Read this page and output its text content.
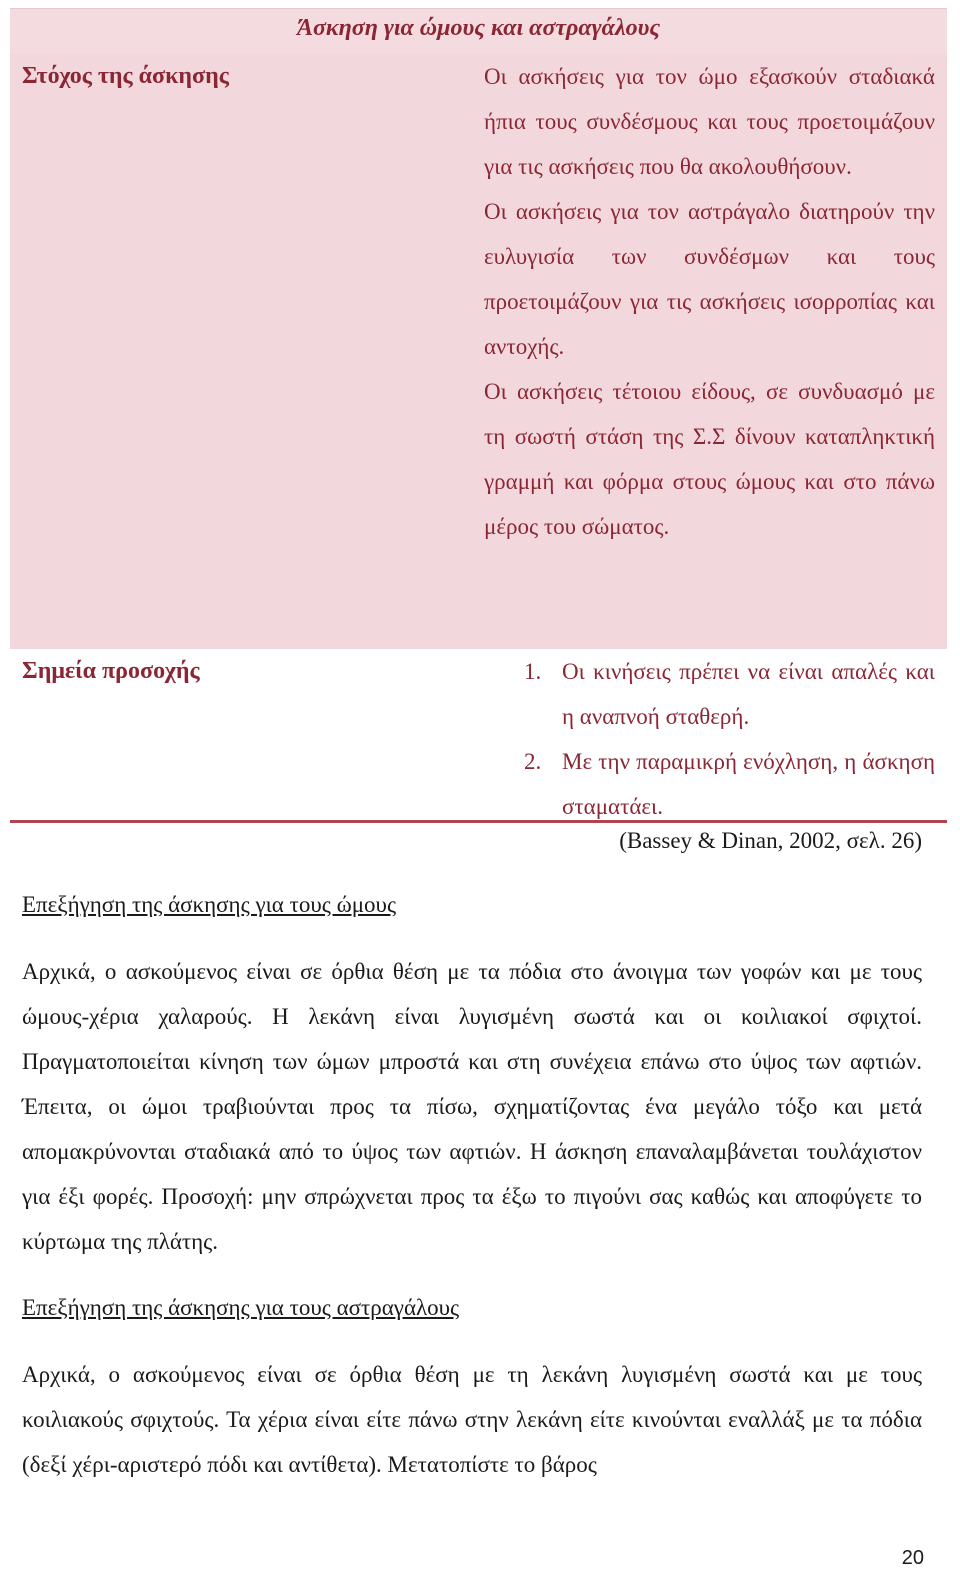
Άσκηση για ώμους και αστραγάλους
Στόχος της άσκησης	Οι ασκήσεις για τον ώμο εξασκούν σταδιακά ήπια τους συνδέσμους και τους προετοιμάζουν για τις ασκήσεις που θα ακολουθήσουν.
Οι ασκήσεις για τον αστράγαλο διατηρούν την ευλυγισία των συνδέσμων και τους προετοιμάζουν για τις ασκήσεις ισορροπίας και αντοχής.
Οι ασκήσεις τέτοιου είδους, σε συνδυασμό με τη σωστή στάση της Σ.Σ δίνουν καταπληκτική γραμμή και φόρμα στους ώμους και στο πάνω μέρος του σώματος.
Σημεία προσοχής	1. Οι κινήσεις πρέπει να είναι απαλές και η αναπνοή σταθερή.
2. Με την παραμικρή ενόχληση, η άσκηση σταματάει.
(Bassey & Dinan, 2002, σελ. 26)
Επεξήγηση της άσκησης για τους ώμους
Αρχικά, ο ασκούμενος είναι σε όρθια θέση με τα πόδια στο άνοιγμα των γοφών και με τους ώμους-χέρια χαλαρούς. Η λεκάνη είναι λυγισμένη σωστά και οι κοιλιακοί σφιχτοί. Πραγματοποιείται κίνηση των ώμων μπροστά και στη συνέχεια επάνω στο ύψος των αφτιών. Έπειτα, οι ώμοι τραβιούνται προς τα πίσω, σχηματίζοντας ένα μεγάλο τόξο και μετά απομακρύνονται σταδιακά από το ύψος των αφτιών. Η άσκηση επαναλαμβάνεται τουλάχιστον για έξι φορές. Προσοχή: μην σπρώχνεται προς τα έξω το πιγούνι σας καθώς και αποφύγετε το κύρτωμα της πλάτης.
Επεξήγηση της άσκησης για τους αστραγάλους
Αρχικά, ο ασκούμενος είναι σε όρθια θέση με τη λεκάνη λυγισμένη σωστά και με τους κοιλιακούς σφιχτούς. Τα χέρια είναι είτε πάνω στην λεκάνη είτε κινούνται εναλλάξ με τα πόδια (δεξί χέρι-αριστερό πόδι και αντίθετα). Μετατοπίστε το βάρος
20
